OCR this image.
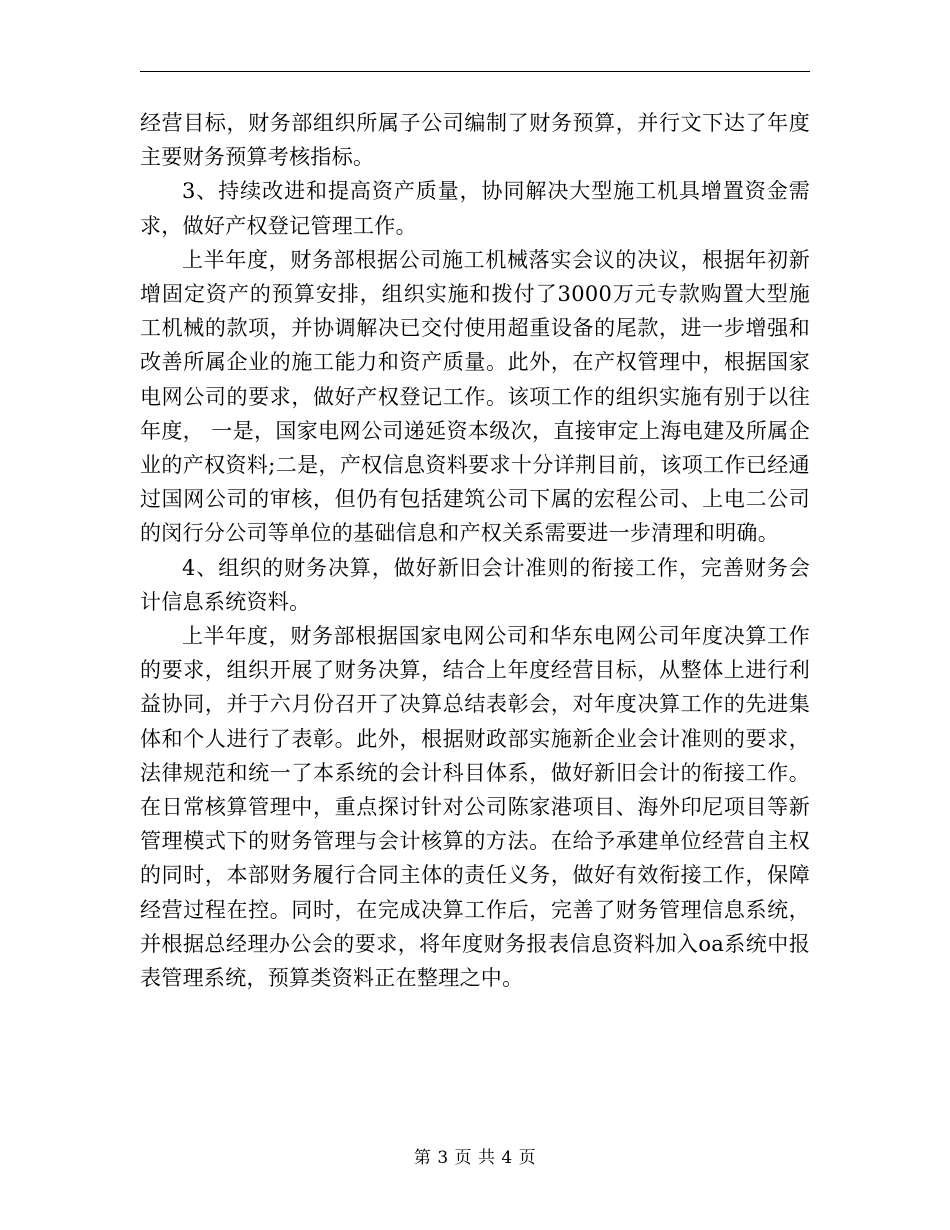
经营目标，财务部组织所属子公司编制了财务预算，并行文下达了年度主要财务预算考核指标。

3、持续改进和提高资产质量，协同解决大型施工机具增置资金需求，做好产权登记管理工作。

上半年度，财务部根据公司施工机械落实会议的决议，根据年初新增固定资产的预算安排，组织实施和拨付了3000万元专款购置大型施工机械的款项，并协调解决已交付使用超重设备的尾款，进一步增强和改善所属企业的施工能力和资产质量。此外，在产权管理中，根据国家电网公司的要求，做好产权登记工作。该项工作的组织实施有别于以往年度， 一是，国家电网公司递延资本级次，直接审定上海电建及所属企业的产权资料;二是，产权信息资料要求十分详荆目前，该项工作已经通过国网公司的审核，但仍有包括建筑公司下属的宏程公司、上电二公司的闵行分公司等单位的基础信息和产权关系需要进一步清理和明确。

4、组织的财务决算，做好新旧会计准则的衔接工作，完善财务会计信息系统资料。

上半年度，财务部根据国家电网公司和华东电网公司年度决算工作的要求，组织开展了财务决算，结合上年度经营目标，从整体上进行利益协同，并于六月份召开了决算总结表彰会，对年度决算工作的先进集体和个人进行了表彰。此外，根据财政部实施新企业会计准则的要求，法律规范和统一了本系统的会计科目体系，做好新旧会计的衔接工作。在日常核算管理中，重点探讨针对公司陈家港项目、海外印尼项目等新管理模式下的财务管理与会计核算的方法。在给予承建单位经营自主权的同时，本部财务履行合同主体的责任义务，做好有效衔接工作，保障经营过程在控。同时，在完成决算工作后，完善了财务管理信息系统，并根据总经理办公会的要求，将年度财务报表信息资料加入oa系统中报表管理系统，预算类资料正在整理之中。

第 3 页 共 4 页
